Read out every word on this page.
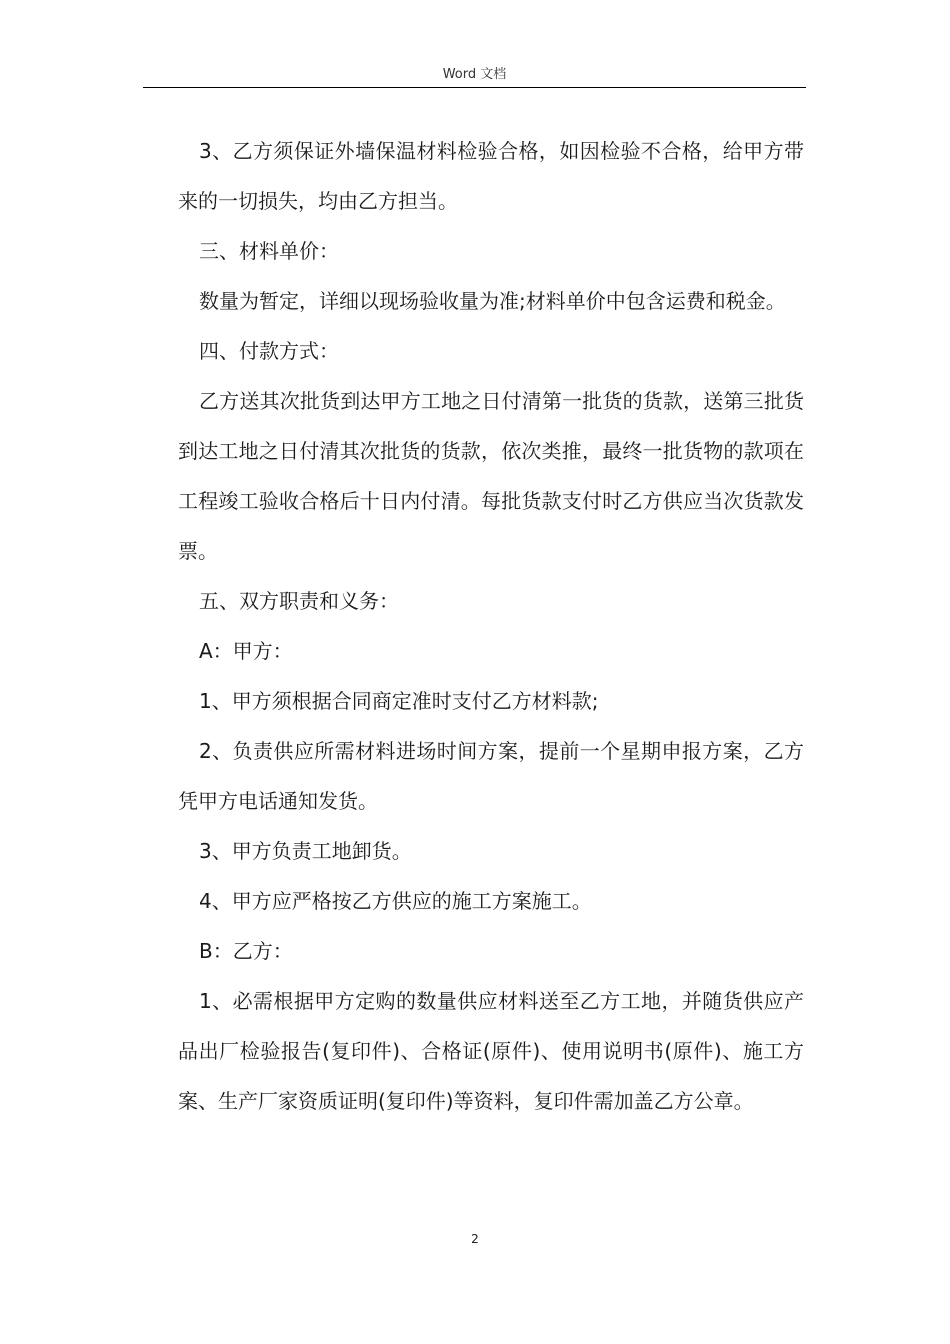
Word 文档

3、乙方须保证外墙保温材料检验合格，如因检验不合格，给甲方带来的一切损失，均由乙方担当。

三、材料单价：

数量为暂定，详细以现场验收量为准;材料单价中包含运费和税金。

四、付款方式：

乙方送其次批货到达甲方工地之日付清第一批货的货款，送第三批货到达工地之日付清其次批货的货款，依次类推，最终一批货物的款项在工程竣工验收合格后十日内付清。每批货款支付时乙方供应当次货款发票。

五、双方职责和义务：

A：甲方：

1、甲方须根据合同商定准时支付乙方材料款;

2、负责供应所需材料进场时间方案，提前一个星期申报方案，乙方凭甲方电话通知发货。

3、甲方负责工地卸货。

4、甲方应严格按乙方供应的施工方案施工。

B：乙方：

1、必需根据甲方定购的数量供应材料送至乙方工地，并随货供应产品出厂检验报告(复印件)、合格证(原件)、使用说明书(原件)、施工方案、生产厂家资质证明(复印件)等资料，复印件需加盖乙方公章。

2
